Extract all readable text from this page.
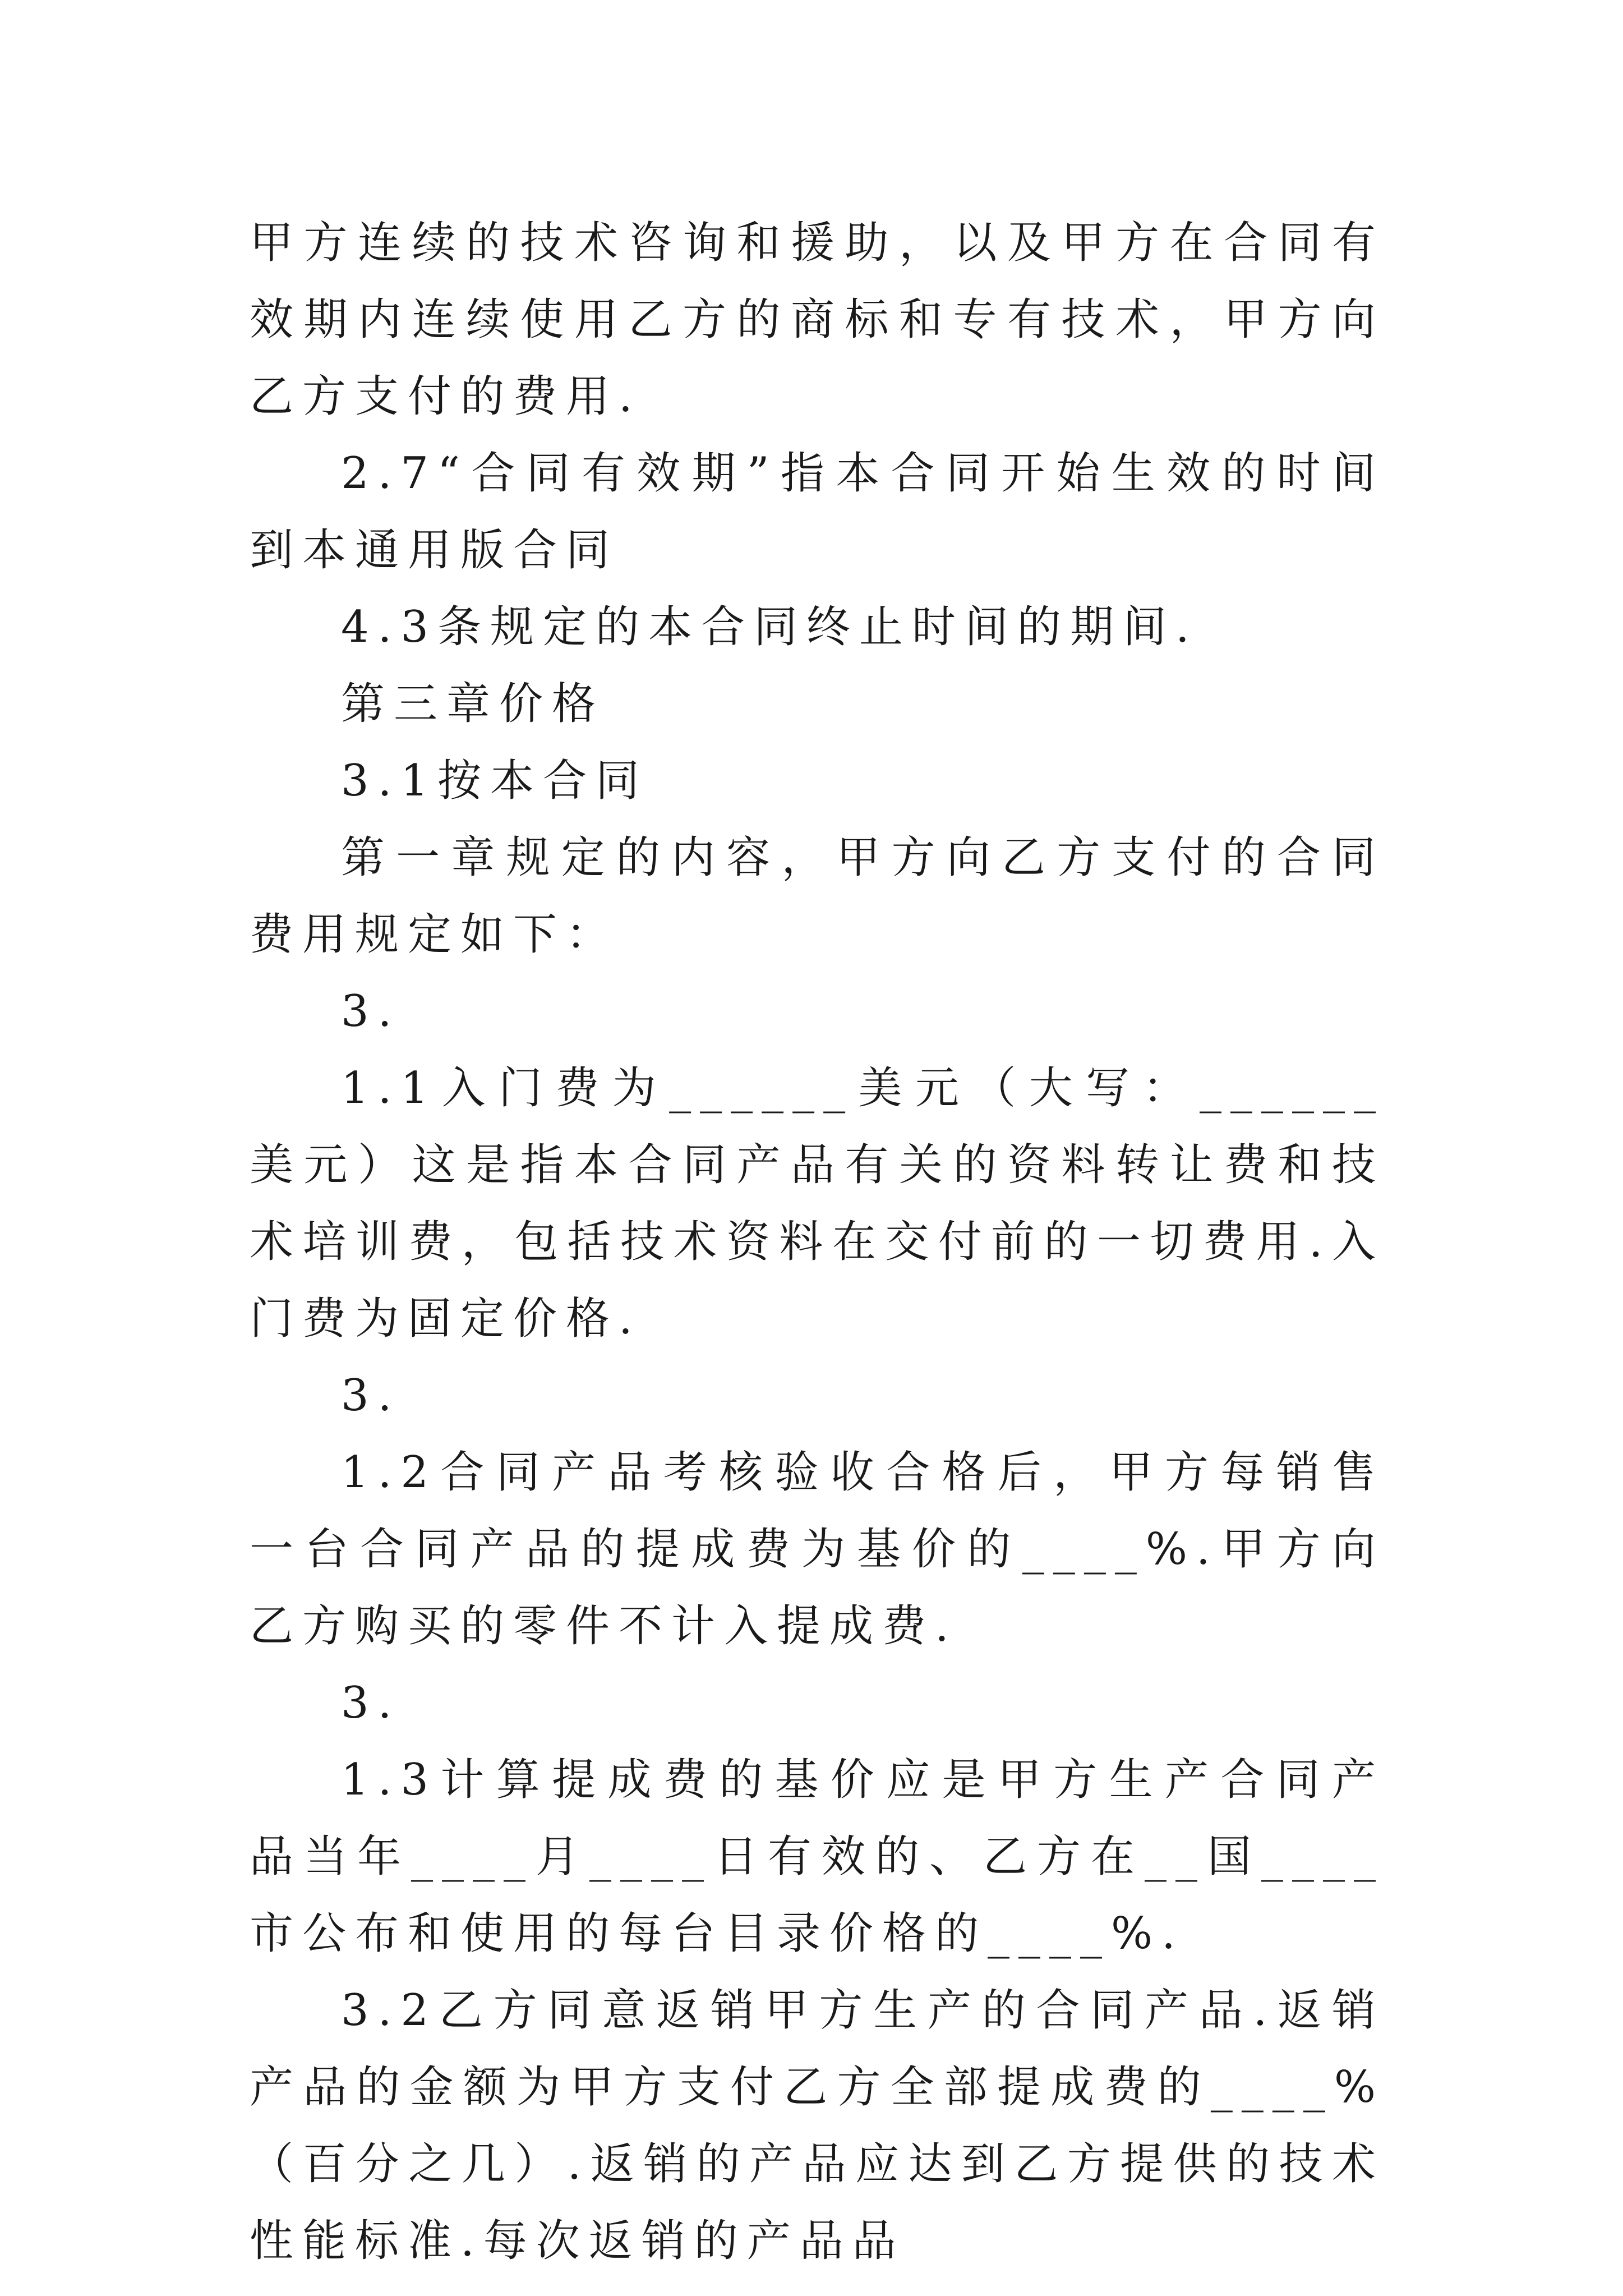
甲方连续的技术咨询和援助，以及甲方在合同有效期内连续使用乙方的商标和专有技术，甲方向乙方支付的费用.

2.7“合同有效期”指本合同开始生效的时间到本通用版合同

4.3条规定的本合同终止时间的期间.

第三章价格

3.1按本合同

第一章规定的内容，甲方向乙方支付的合同费用规定如下：

3.

1.1入门费为______美元（大写：______美元）这是指本合同产品有关的资料转让费和技术培训费，包括技术资料在交付前的一切费用.入门费为固定价格.

3.

1.2合同产品考核验收合格后，甲方每销售一台合同产品的提成费为基价的____%.甲方向乙方购买的零件不计入提成费.

3.

1.3计算提成费的基价应是甲方生产合同产品当年____月____日有效的、乙方在__国____市公布和使用的每台目录价格的____%.

3.2乙方同意返销甲方生产的合同产品.返销产品的金额为甲方支付乙方全部提成费的____%（百分之几）.返销的产品应达到乙方提供的技术性能标准.每次返销的产品品
